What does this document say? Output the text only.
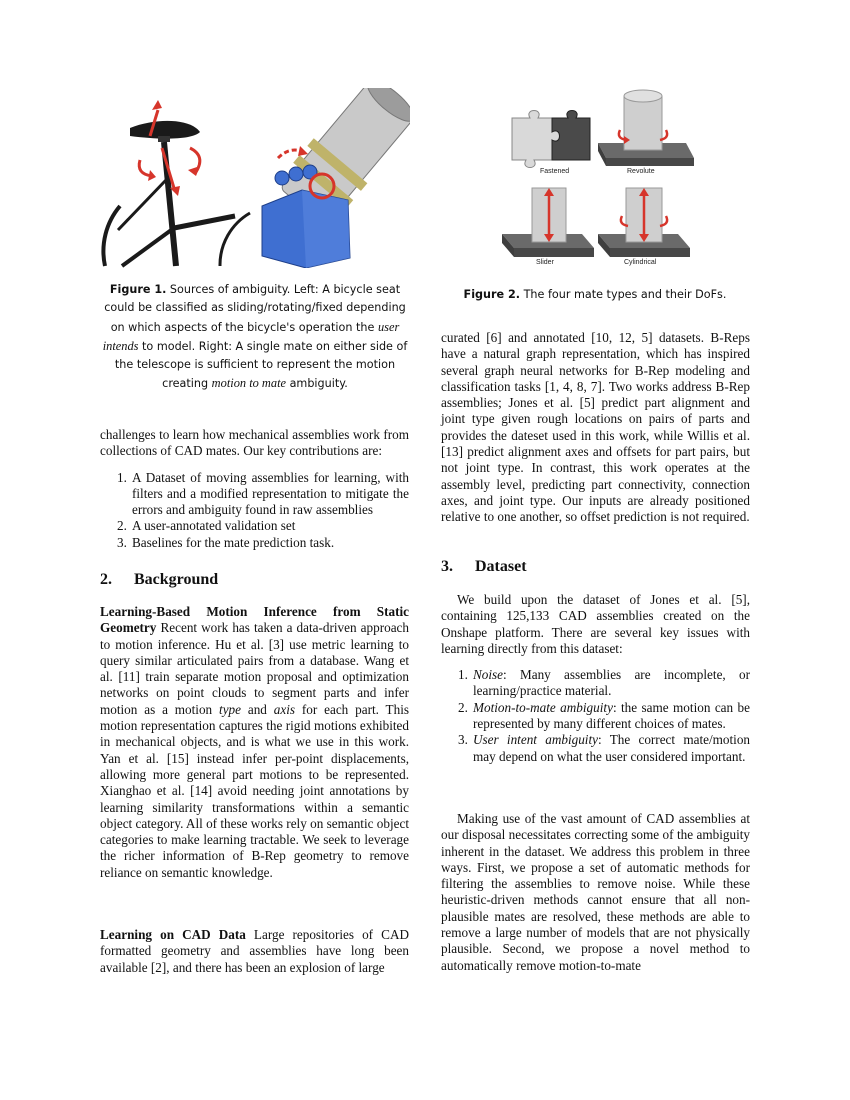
Figure 1. Sources of ambiguity. Left: A bicycle seat could be classified as sliding/rotating/fixed depending on which aspects of the bicycle's operation the user intends to model. Right: A single mate on either side of the telescope is sufficient to represent the motion creating motion to mate ambiguity.
Fastened	Revolute
Slider	Cylindrical
Figure 2. The four mate types and their DoFs.

challenges to learn how mechanical assemblies work from collections of CAD mates. Our key contributions are:

1. A Dataset of moving assemblies for learning, with filters and a modified representation to mitigate the errors and ambiguity found in raw assemblies
2. A user-annotated validation set
3. Baselines for the mate prediction task.
2. Background

Learning-Based Motion Inference from Static Geometry Recent work has taken a data-driven approach to motion inference. Hu et al. [3] use metric learning to query similar articulated pairs from a database. Wang et al. [11] train separate motion proposal and optimization networks on point clouds to segment parts and infer motion as a motion type and axis for each part. This motion representation captures the rigid motions exhibited in mechanical objects, and is what we use in this work. Yan et al. [15] instead infer per-point displacements, allowing more general part motions to be represented. Xianghao et al. [14] avoid needing joint annotations by learning similarity transformations within a semantic object category. All of these works rely on semantic object categories to make learning tractable. We seek to leverage the richer information of B-Rep geometry to remove reliance on semantic knowledge.

Learning on CAD Data Large repositories of CAD formatted geometry and assemblies have long been available [2], and there has been an explosion of large

curated [6] and annotated [10, 12, 5] datasets. B-Reps have a natural graph representation, which has inspired several graph neural networks for B-Rep modeling and classification tasks [1, 4, 8, 7]. Two works address B-Rep assemblies; Jones et al. [5] predict part alignment and joint type given rough locations on pairs of parts and provides the dateset used in this work, while Willis et al. [13] predict alignment axes and offsets for part pairs, but not joint type. In contrast, this work operates at the assembly level, predicting part connectivity, connection axes, and joint type. Our inputs are already positioned relative to one another, so offset prediction is not required.

3. Dataset

We build upon the dataset of Jones et al. [5], containing 125,133 CAD assemblies created on the Onshape platform. There are several key issues with learning directly from this dataset:

1. Noise: Many assemblies are incomplete, or learning/practice material.
2. Motion-to-mate ambiguity: the same motion can be represented by many different choices of mates.
3. User intent ambiguity: The correct mate/motion may depend on what the user considered important.

Making use of the vast amount of CAD assemblies at our disposal necessitates correcting some of the ambiguity inherent in the dataset. We address this problem in three ways. First, we propose a set of automatic methods for filtering the assemblies to remove noise. While these heuristic-driven methods cannot ensure that all non-plausible mates are resolved, these methods are able to remove a large number of models that are not physically plausible. Second, we propose a novel method to automatically remove motion-to-mate
